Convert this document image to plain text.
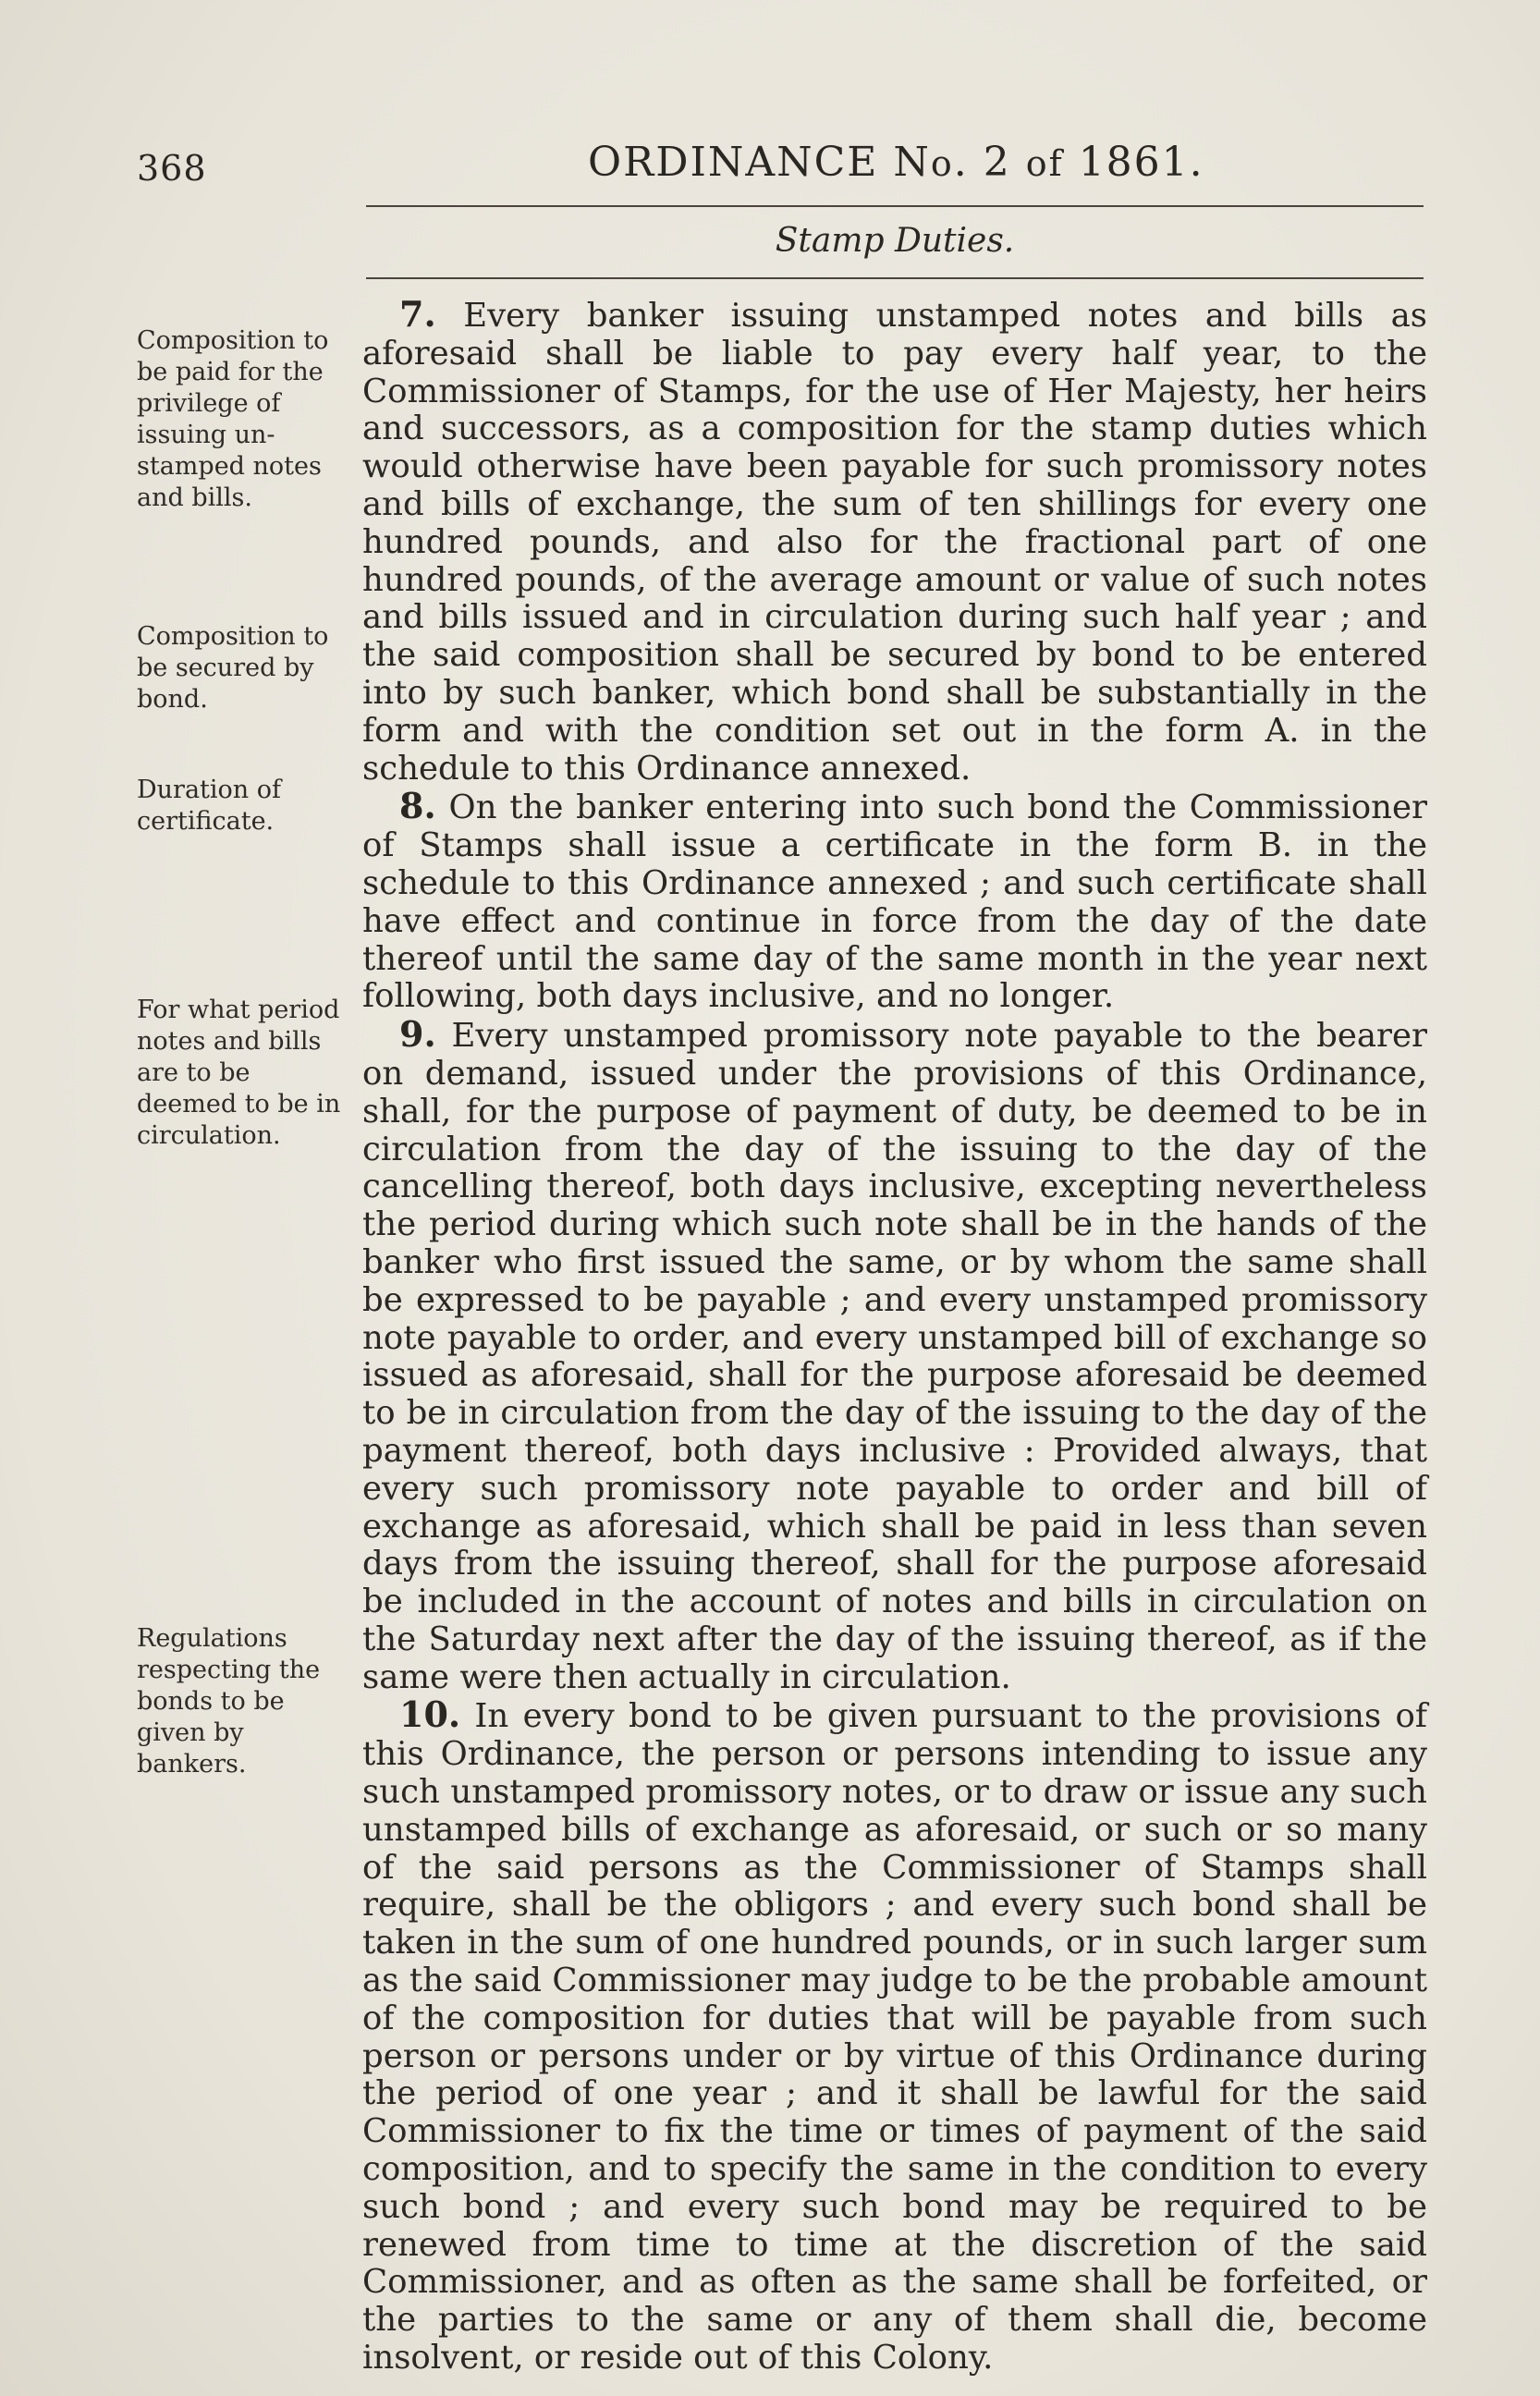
368	ORDINANCE No. 2 of 1861.
Stamp Duties.
Composition to be paid for the privilege of issuing unstamped notes and bills.
Composition to be secured by bond.
Duration of certificate.
For what period notes and bills are to be deemed to be in circulation.
Regulations respecting the bonds to be given by bankers.

7. Every banker issuing unstamped notes and bills as aforesaid shall be liable to pay every half year, to the Commissioner of Stamps, for the use of Her Majesty, her heirs and successors, as a composition for the stamp duties which would otherwise have been payable for such promissory notes and bills of exchange, the sum of ten shillings for every one hundred pounds, and also for the fractional part of one hundred pounds, of the average amount or value of such notes and bills issued and in circulation during such half year ; and the said composition shall be secured by bond to be entered into by such banker, which bond shall be substantially in the form and with the condition set out in the form A. in the schedule to this Ordinance annexed.

8. On the banker entering into such bond the Commissioner of Stamps shall issue a certificate in the form B. in the schedule to this Ordinance annexed ; and such certificate shall have effect and continue in force from the day of the date thereof until the same day of the same month in the year next following, both days inclusive, and no longer.

9. Every unstamped promissory note payable to the bearer on demand, issued under the provisions of this Ordinance, shall, for the purpose of payment of duty, be deemed to be in circulation from the day of the issuing to the day of the cancelling thereof, both days inclusive, excepting nevertheless the period during which such note shall be in the hands of the banker who first issued the same, or by whom the same shall be expressed to be payable ; and every unstamped promissory note payable to order, and every unstamped bill of exchange so issued as aforesaid, shall for the purpose aforesaid be deemed to be in circulation from the day of the issuing to the day of the payment thereof, both days inclusive : Provided always, that every such promissory note payable to order and bill of exchange as aforesaid, which shall be paid in less than seven days from the issuing thereof, shall for the purpose aforesaid be included in the account of notes and bills in circulation on the Saturday next after the day of the issuing thereof, as if the same were then actually in circulation.

10. In every bond to be given pursuant to the provisions of this Ordinance, the person or persons intending to issue any such unstamped promissory notes, or to draw or issue any such unstamped bills of exchange as aforesaid, or such or so many of the said persons as the Commissioner of Stamps shall require, shall be the obligors ; and every such bond shall be taken in the sum of one hundred pounds, or in such larger sum as the said Commissioner may judge to be the probable amount of the composition for duties that will be payable from such person or persons under or by virtue of this Ordinance during the period of one year ; and it shall be lawful for the said Commissioner to fix the time or times of payment of the said composition, and to specify the same in the condition to every such bond ; and every such bond may be required to be renewed from time to time at the discretion of the said Commissioner, and as often as the same shall be forfeited, or the parties to the same or any of them shall die, become insolvent, or reside out of this Colony.
